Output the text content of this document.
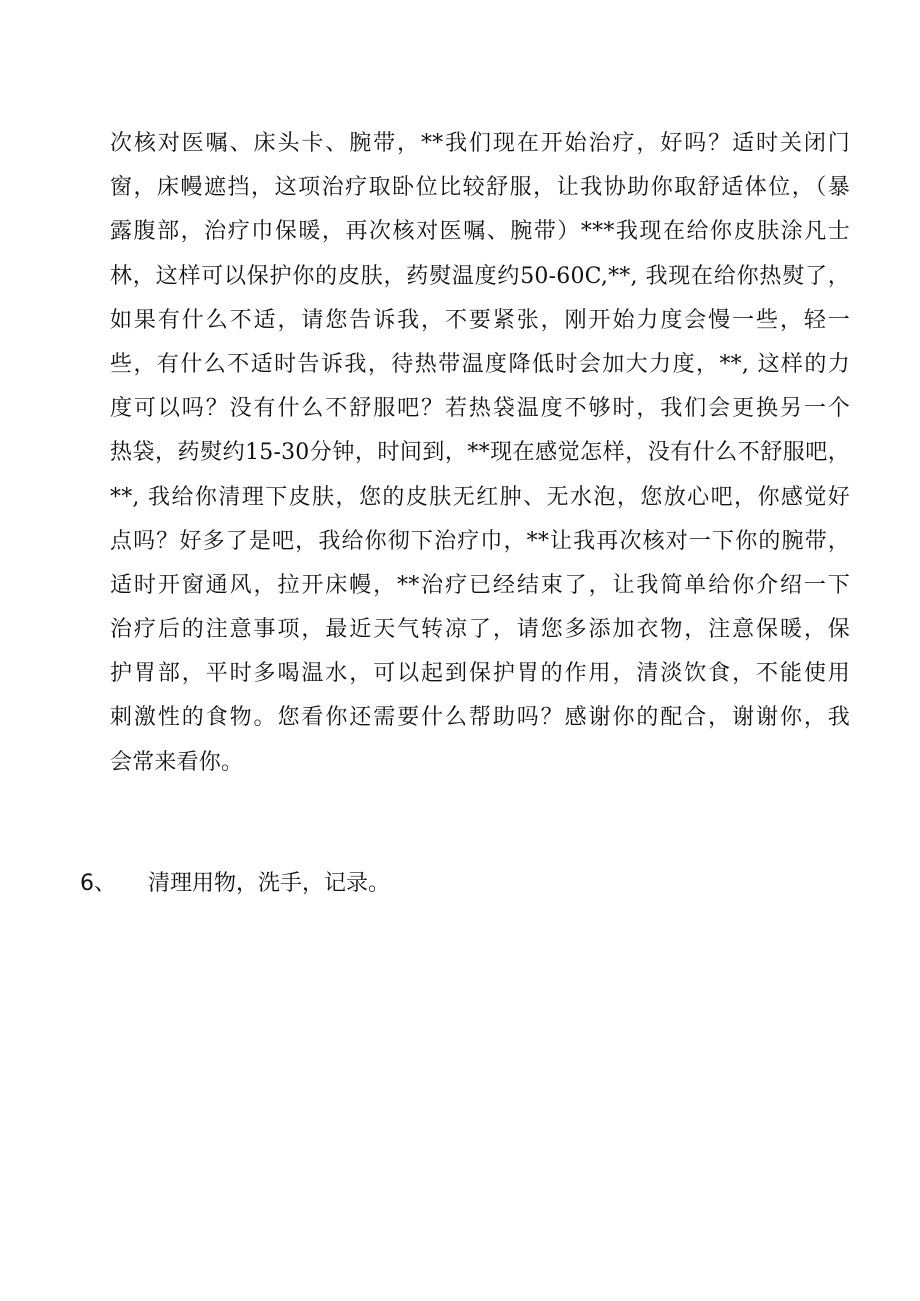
次核对医嘱、床头卡、腕带，**我们现在开始治疗，好吗？适时关闭门
窗，床幔遮挡，这项治疗取卧位比较舒服，让我协助你取舒适体位，（暴
露腹部，治疗巾保暖，再次核对医嘱、腕带）***我现在给你皮肤涂凡士
林，这样可以保护你的皮肤，药熨温度约50-60C,**, 我现在给你热熨了，
如果有什么不适，请您告诉我，不要紧张，刚开始力度会慢一些，轻一
些，有什么不适时告诉我，待热带温度降低时会加大力度，**, 这样的力
度可以吗？没有什么不舒服吧？若热袋温度不够时，我们会更换另一个
热袋，药熨约15-30分钟，时间到，**现在感觉怎样，没有什么不舒服吧，
**, 我给你清理下皮肤，您的皮肤无红肿、无水泡，您放心吧，你感觉好
点吗？好多了是吧，我给你彻下治疗巾，**让我再次核对一下你的腕带，
适时开窗通风，拉开床幔，**治疗已经结束了，让我简单给你介绍一下
治疗后的注意事项，最近天气转凉了，请您多添加衣物，注意保暖，保
护胃部，平时多喝温水，可以起到保护胃的作用，清淡饮食，不能使用
刺激性的食物。您看你还需要什么帮助吗？感谢你的配合，谢谢你，我
会常来看你。
6、 清理用物，洗手，记录。
